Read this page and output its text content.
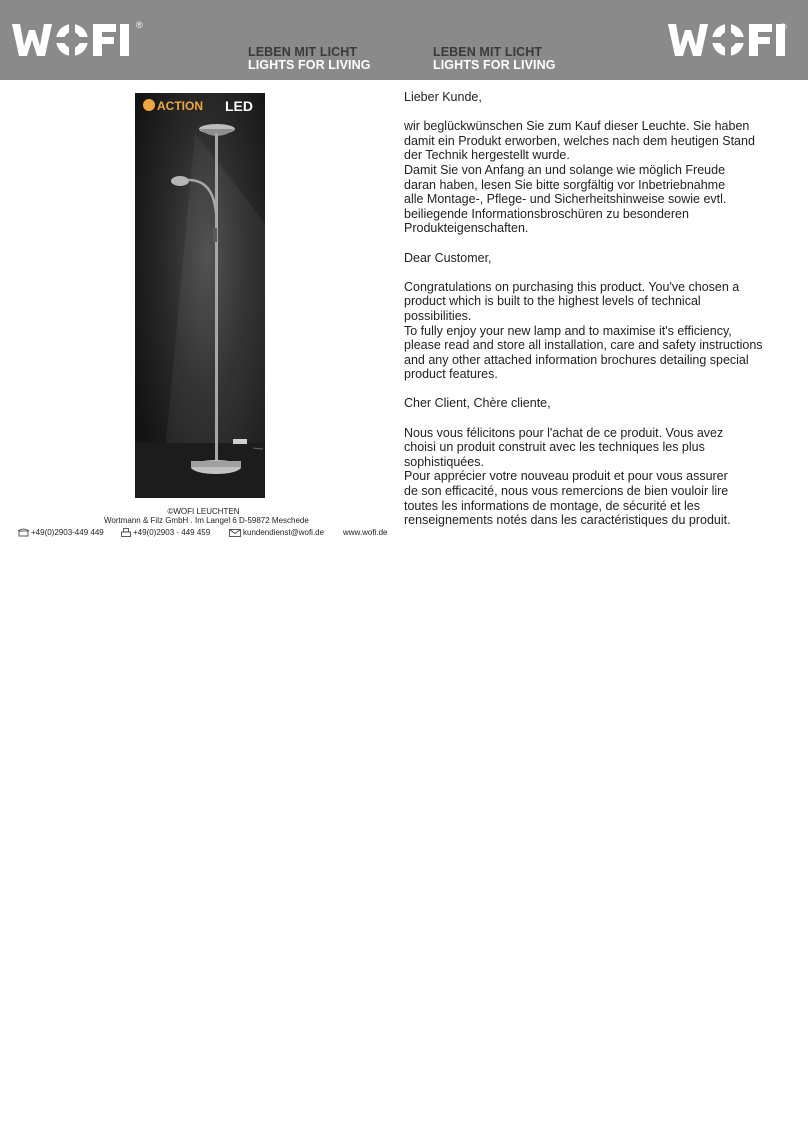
®
LEBEN MIT LICHT
LIGHTS FOR LIVING
LEBEN MIT LICHT
LIGHTS FOR LIVING
®
ACTION LED
©WOFI LEUCHTEN
Wortmann & Filz GmbH . Im Langel 6 D-59872 Meschede
+49(0)2903-449 449	+49(0)2903 - 449 459	kundendienst@wofi.de www.wofi.de

Lieber Kunde,

wir beglückwünschen Sie zum Kauf dieser Leuchte. Sie haben
damit ein Produkt erworben, welches nach dem heutigen Stand
der Technik hergestellt wurde.
Damit Sie von Anfang an und solange wie möglich Freude
daran haben, lesen Sie bitte sorgfältig vor Inbetriebnahme
alle Montage-, Pflege- und Sicherheitshinweise sowie evtl.
beiliegende Informationsbroschüren zu besonderen
Produkteigenschaften.

Dear Customer,

Congratulations on purchasing this product. You've chosen a
product which is built to the highest levels of technical
possibilities.
To fully enjoy your new lamp and to maximise it's efficiency,
please read and store all installation, care and safety instructions
and any other attached information brochures detailing special
product features.

Cher Client, Chère cliente,

Nous vous félicitons pour l'achat de ce produit. Vous avez
choisi un produit construit avec les techniques les plus
sophistiquées.
Pour apprécier votre nouveau produit et pour vous assurer
de son efficacité, nous vous remercions de bien vouloir lire
toutes les informations de montage, de sécurité et les
renseignements notés dans les caractéristiques du produit.
